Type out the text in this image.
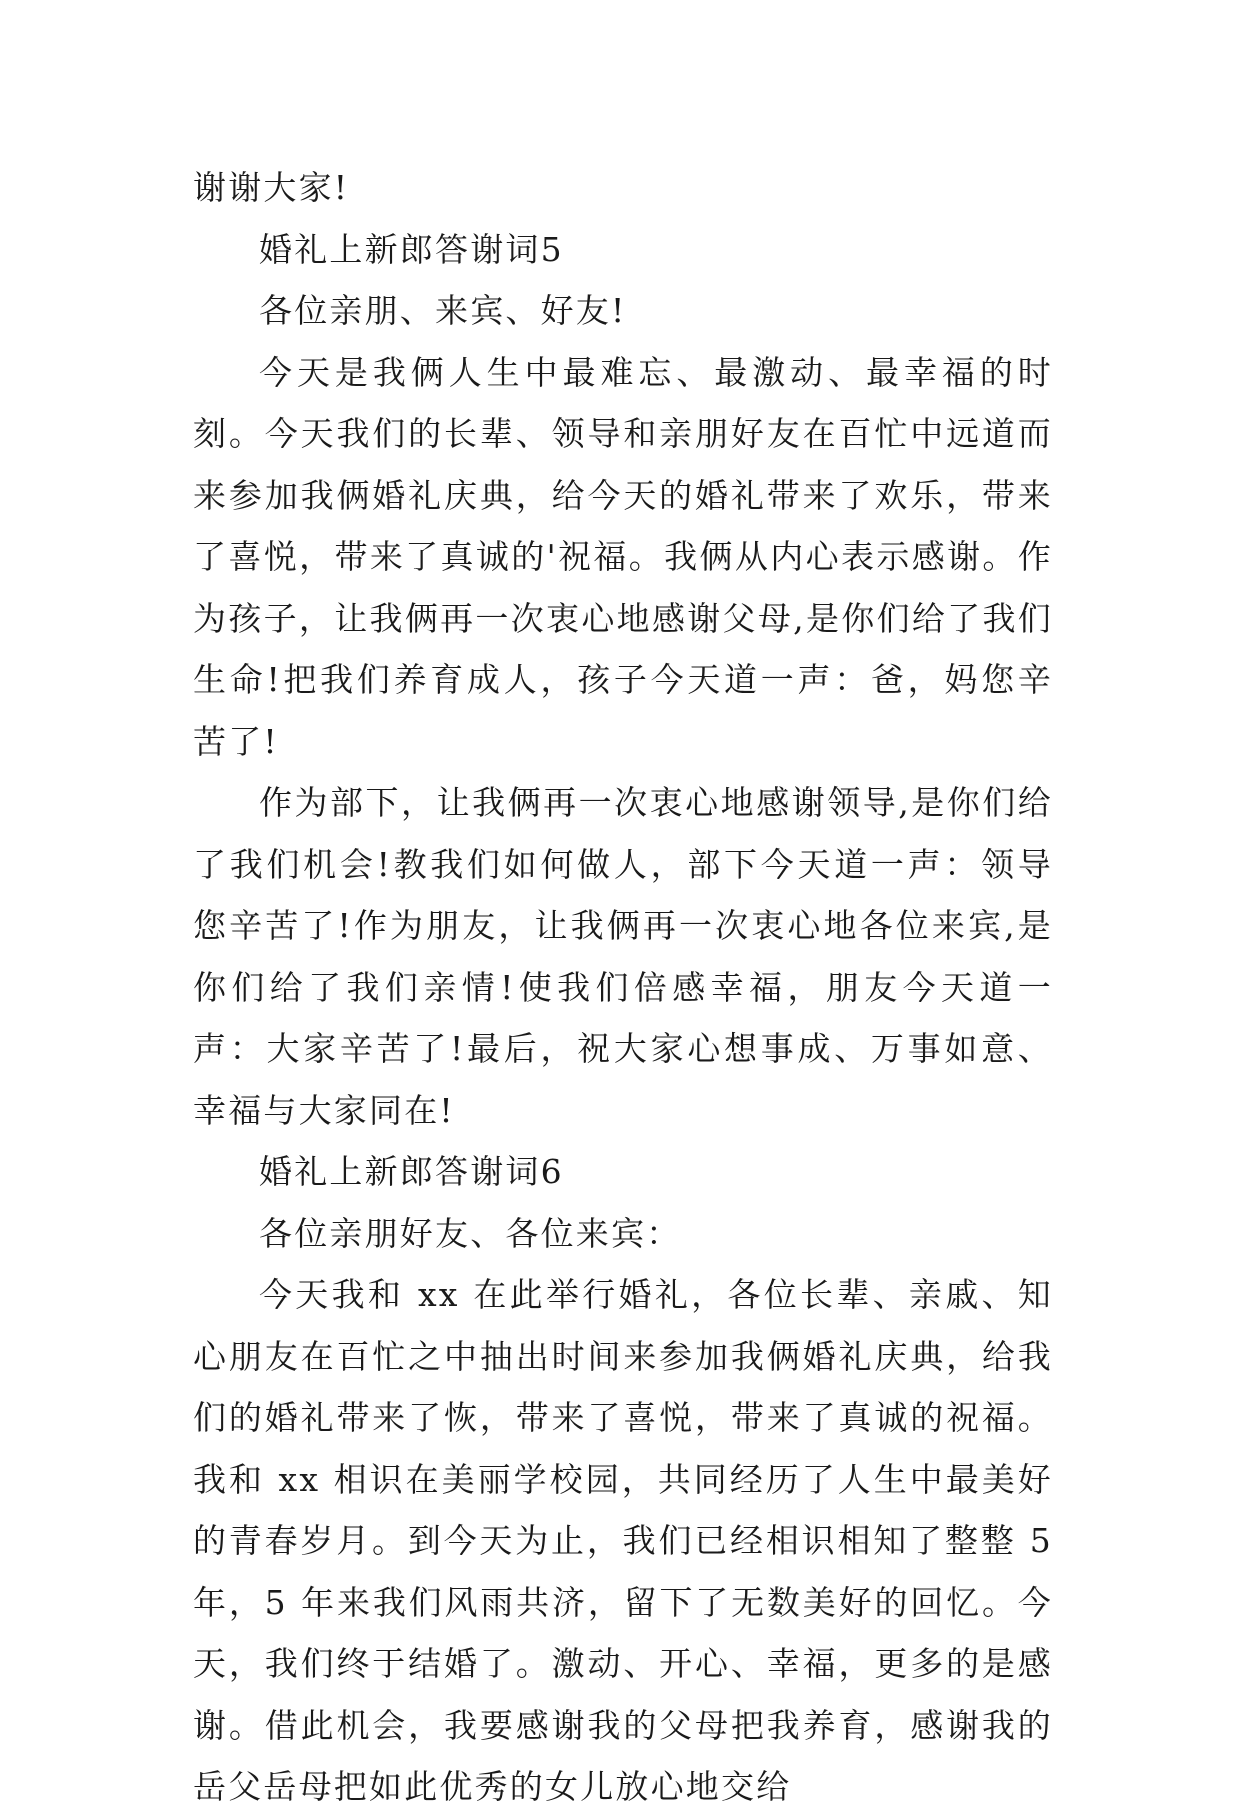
谢谢大家!

婚礼上新郎答谢词5

各位亲朋、来宾、好友!

今天是我俩人生中最难忘、最激动、最幸福的时刻。今天我们的长辈、领导和亲朋好友在百忙中远道而来参加我俩婚礼庆典，给今天的婚礼带来了欢乐，带来了喜悦，带来了真诚的'祝福。我俩从内心表示感谢。作为孩子，让我俩再一次衷心地感谢父母,是你们给了我们生命!把我们养育成人，孩子今天道一声：爸，妈您辛苦了!

作为部下，让我俩再一次衷心地感谢领导,是你们给了我们机会!教我们如何做人，部下今天道一声：领导您辛苦了!作为朋友，让我俩再一次衷心地各位来宾,是你们给了我们亲情!使我们倍感幸福，朋友今天道一声：大家辛苦了!最后，祝大家心想事成、万事如意、幸福与大家同在!

婚礼上新郎答谢词6

各位亲朋好友、各位来宾：

今天我和 xx 在此举行婚礼，各位长辈、亲戚、知心朋友在百忙之中抽出时间来参加我俩婚礼庆典，给我们的婚礼带来了恢，带来了喜悦，带来了真诚的祝福。我和 xx 相识在美丽学校园，共同经历了人生中最美好的青春岁月。到今天为止，我们已经相识相知了整整 5 年，5 年来我们风雨共济，留下了无数美好的回忆。今天，我们终于结婚了。激动、开心、幸福，更多的是感谢。借此机会，我要感谢我的父母把我养育，感谢我的岳父岳母把如此优秀的女儿放心地交给
